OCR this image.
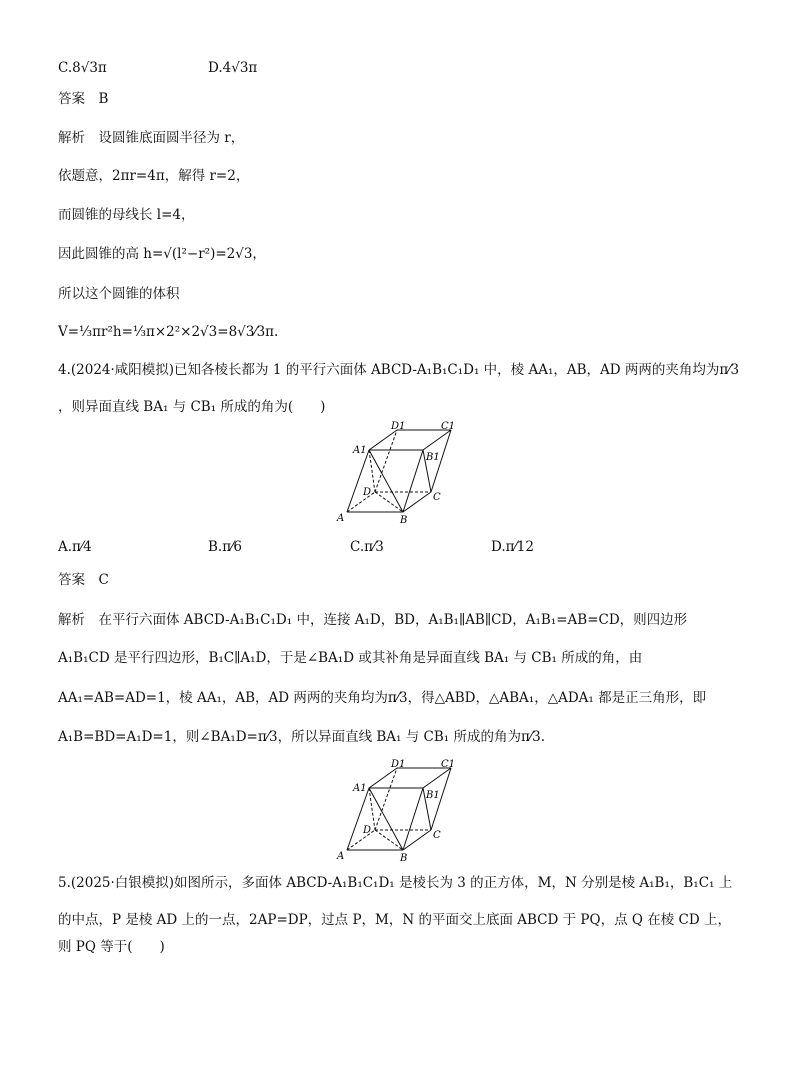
C.8√3π	D.4√3π
答案　B
解析　设圆锥底面圆半径为 r，
依题意，2πr=4π，解得 r=2，
而圆锥的母线长 l=4，
因此圆锥的高 h=√(l²−r²)=2√3，
所以这个圆锥的体积
V=⅓πr²h=⅓π×2²×2√3=8√3⁄3π.
4.(2024·咸阳模拟)已知各棱长都为 1 的平行六面体 ABCD-A₁B₁C₁D₁ 中，棱 AA₁，AB，AD 两两的夹角均为π⁄3
，则异面直线 BA₁ 与 CB₁ 所成的角为(　　)
A	B
C
D
A1
B1
C1
D1
A.π⁄4	B.π⁄6	C.π⁄3	D.π⁄12
答案　C
解析　在平行六面体 ABCD-A₁B₁C₁D₁ 中，连接 A₁D，BD，A₁B₁∥AB∥CD，A₁B₁=AB=CD，则四边形
A₁B₁CD 是平行四边形，B₁C∥A₁D，于是∠BA₁D 或其补角是异面直线 BA₁ 与 CB₁ 所成的角，由
AA₁=AB=AD=1，棱 AA₁，AB，AD 两两的夹角均为π⁄3，得△ABD，△ABA₁，△ADA₁ 都是正三角形，即
A₁B=BD=A₁D=1，则∠BA₁D=π⁄3，所以异面直线 BA₁ 与 CB₁ 所成的角为π⁄3.
A	B
C
D
A1
B1
C1
D1
5.(2025·白银模拟)如图所示，多面体 ABCD-A₁B₁C₁D₁ 是棱长为 3 的正方体，M，N 分别是棱 A₁B₁，B₁C₁ 上
的中点，P 是棱 AD 上的一点，2AP=DP，过点 P，M，N 的平面交上底面 ABCD 于 PQ，点 Q 在棱 CD 上，
则 PQ 等于(　　)
